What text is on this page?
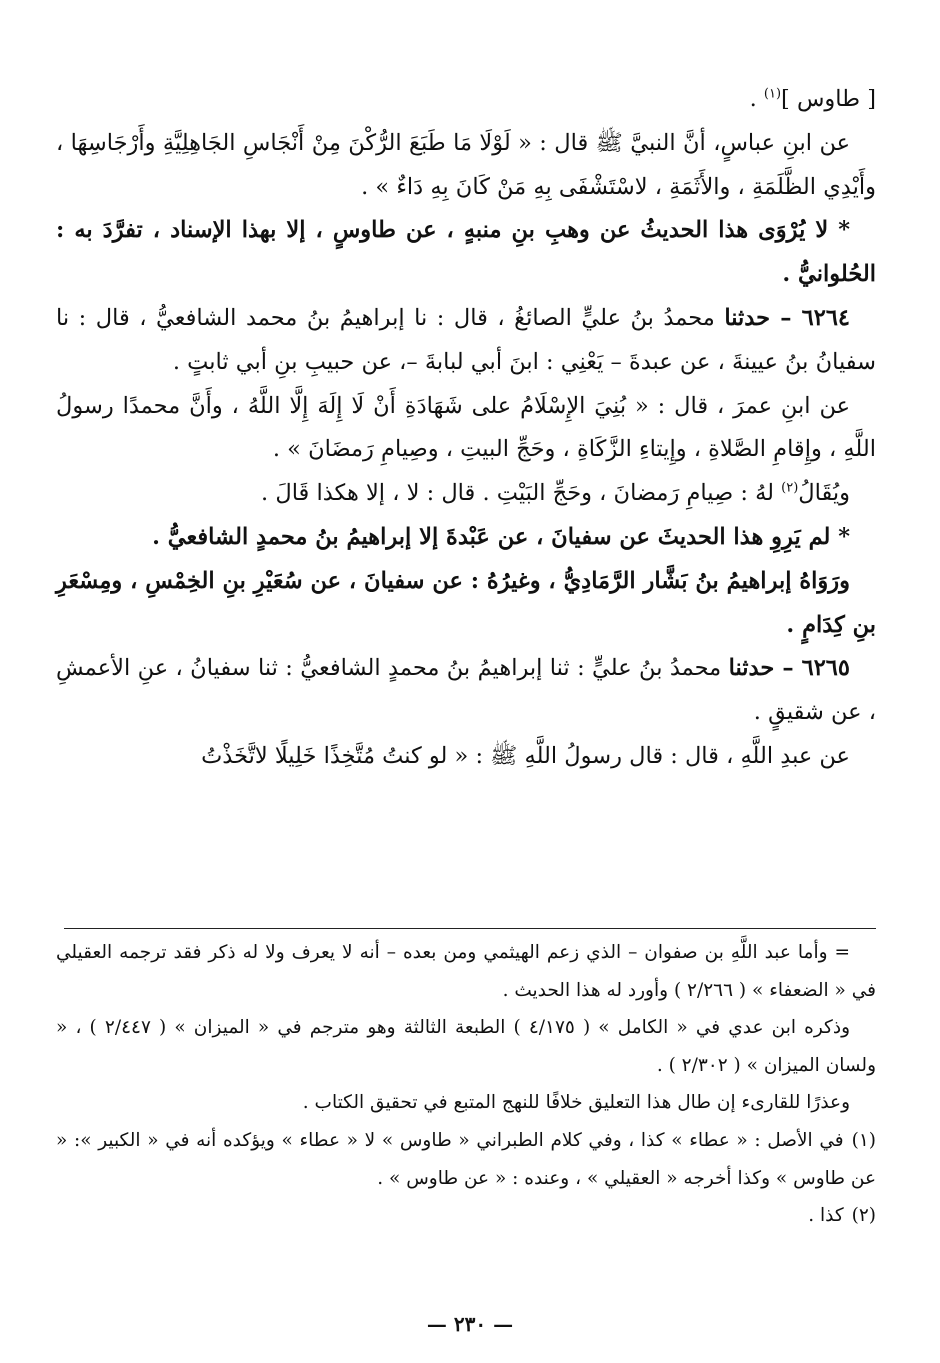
[ طاوس ]$^{(١)}$ .

عن ابنِ عباسٍ، أنَّ النبيَّ ﷺ قال : « لَوْلَا مَا طَبَعَ الرُّكْنَ مِنْ أَنْجَاسِ الجَاهِلِيَّةِ وأَرْجَاسِهَا ، وأَيْدِي الظَّلَمَةِ ، والأَثَمَةِ ، لاسْتَشْفَى بِهِ مَنْ كَانَ بِهِ دَاءٌ » .

* لا يُرْوَى هذا الحديثُ عن وهبِ بنِ منبهٍ ، عن طاوسٍ ، إلا بهذا الإسناد ، تفرَّدَ به : الحُلوانيُّ .

٦٢٦٤ – حدثنا محمدُ بنُ عليٍّ الصائغُ ، قال : نا إبراهيمُ بنُ محمد الشافعيُّ ، قال : نا سفيانُ بنُ عيينةَ ، عن عبدةَ – يَعْنِي : ابنَ أبي لبابةَ –، عن حبيبِ بنِ أبي ثابتٍ .

عن ابنِ عمرَ ، قال : « بُنِيَ الإِسْلَامُ على شَهَادَةِ أَنْ لَا إِلَهَ إِلَّا اللَّهُ ، وأَنَّ محمدًا رسولُ اللَّهِ ، وإِقامِ الصَّلاةِ ، وإِيتاءِ الزَّكَاةِ ، وحَجِّ البيتِ ، وصِيامِ رَمضَانَ » .

ويُقَالُ$^{(٢)}$ لهُ : صِيامِ رَمضانَ ، وحَجِّ البَيْتِ . قال : لا ، إلا هكذا قَالَ .

* لم يَرِوِ هذا الحديثَ عن سفيانَ ، عن عَبْدةَ إلا إبراهيمُ بنُ محمدٍ الشافعيُّ .

ورَوَاهُ إبراهيمُ بنُ بَشَّار الرَّمَادِيُّ ، وغيرُهُ : عن سفيانَ ، عن سُعَيْرِ بنِ الخِمْسِ ، ومِسْعَرِ بنِ كِدَامٍ .

٦٢٦٥ – حدثنا محمدُ بنُ عليٍّ : ثنا إبراهيمُ بنُ محمدٍ الشافعيُّ : ثنا سفيانُ ، عنِ الأعمشِ ، عن شقيقٍ .

عن عبدِ اللَّهِ ، قال : قال رسولُ اللَّهِ ﷺ : « لو كنتُ مُتَّخِذًا خَلِيلًا لاتَّخَذْتُ

= وأما عبد اللَّهِ بن صفوان – الذي زعم الهيثمي ومن بعده – أنه لا يعرف ولا له ذكر فقد ترجمه العقيلي في « الضعفاء » ( ٢/٢٦٦ ) وأورد له هذا الحديث .

وذكره ابن عدي في « الكامل » ( ٤/١٧٥ ) الطبعة الثالثة وهو مترجم في « الميزان » ( ٢/٤٤٧ ) ، « ولسان الميزان » ( ٢/٣٠٢ ) .

وعذرًا للقارىء إن طال هذا التعليق خلافًا للنهج المتبع في تحقيق الكتاب .

(١)في الأصل : « عطاء » كذا ، وفي كلام الطبراني « طاوس » لا « عطاء » ويؤكده أنه في « الكبير »: « عن طاوس » وكذا أخرجه « العقيلي » ، وعنده : « عن طاوس » .

(٢)كذا .

— ٢٣٠ —
